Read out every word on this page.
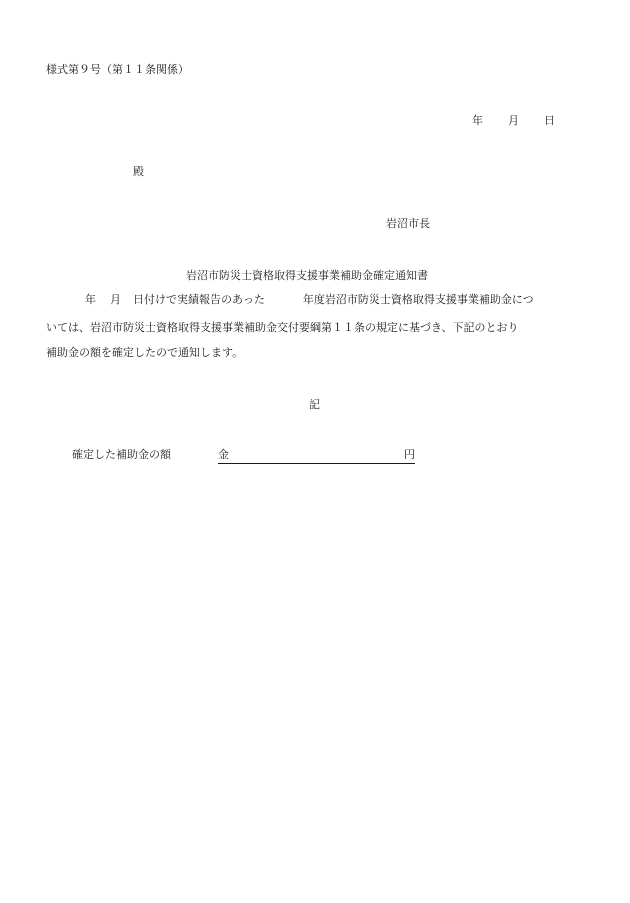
様式第９号（第１１条関係）
年 月 日
殿
岩沼市長
岩沼市防災士資格取得支援事業補助金確定通知書
年 月 日付けで実績報告のあった	年度岩沼市防災士資格取得支援事業補助金につ
いては、岩沼市防災士資格取得支援事業補助金交付要綱第１１条の規定に基づき、下記のとおり
補助金の額を確定したので通知します。
記
確定した補助金の額	金	円
